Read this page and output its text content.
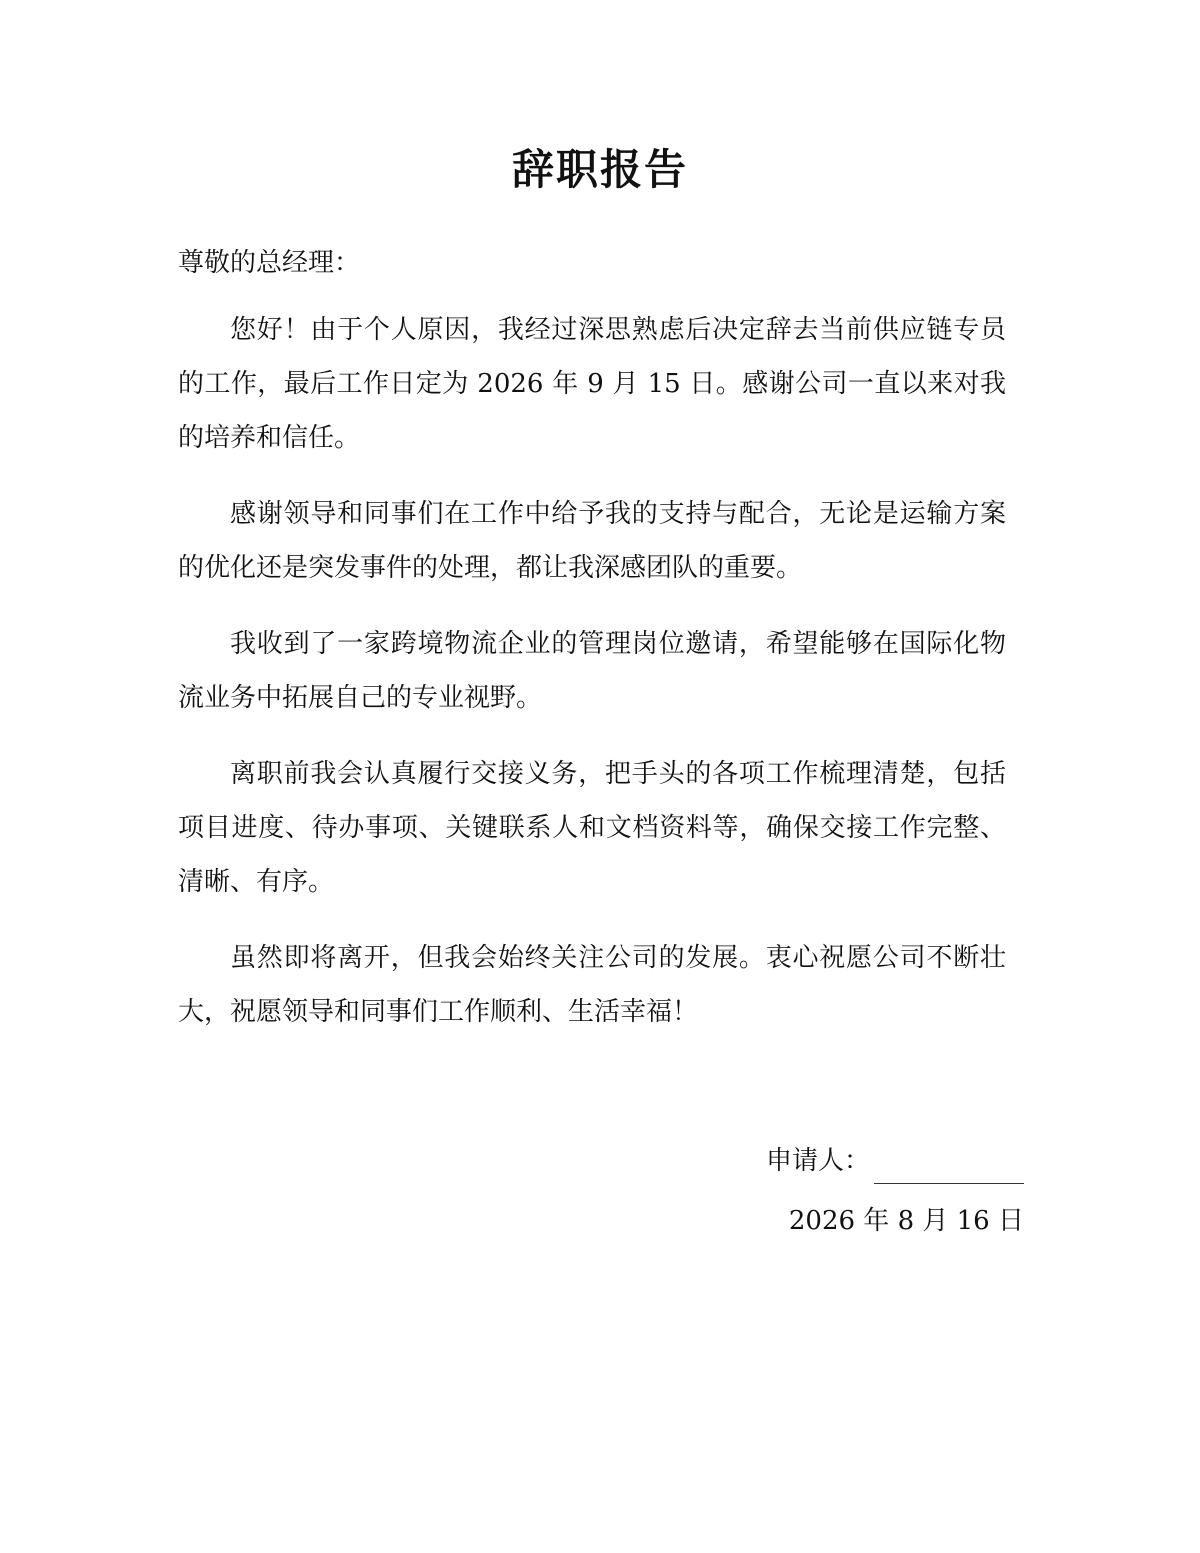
辞职报告
尊敬的总经理：

您好！由于个人原因，我经过深思熟虑后决定辞去当前供应链专员的工作，最后工作日定为 2026 年 9 月 15 日。感谢公司一直以来对我的培养和信任。

感谢领导和同事们在工作中给予我的支持与配合，无论是运输方案的优化还是突发事件的处理，都让我深感团队的重要。

我收到了一家跨境物流企业的管理岗位邀请，希望能够在国际化物流业务中拓展自己的专业视野。

离职前我会认真履行交接义务，把手头的各项工作梳理清楚，包括项目进度、待办事项、关键联系人和文档资料等，确保交接工作完整、清晰、有序。

虽然即将离开，但我会始终关注公司的发展。衷心祝愿公司不断壮大，祝愿领导和同事们工作顺利、生活幸福！

申请人：
2026 年 8 月 16 日
